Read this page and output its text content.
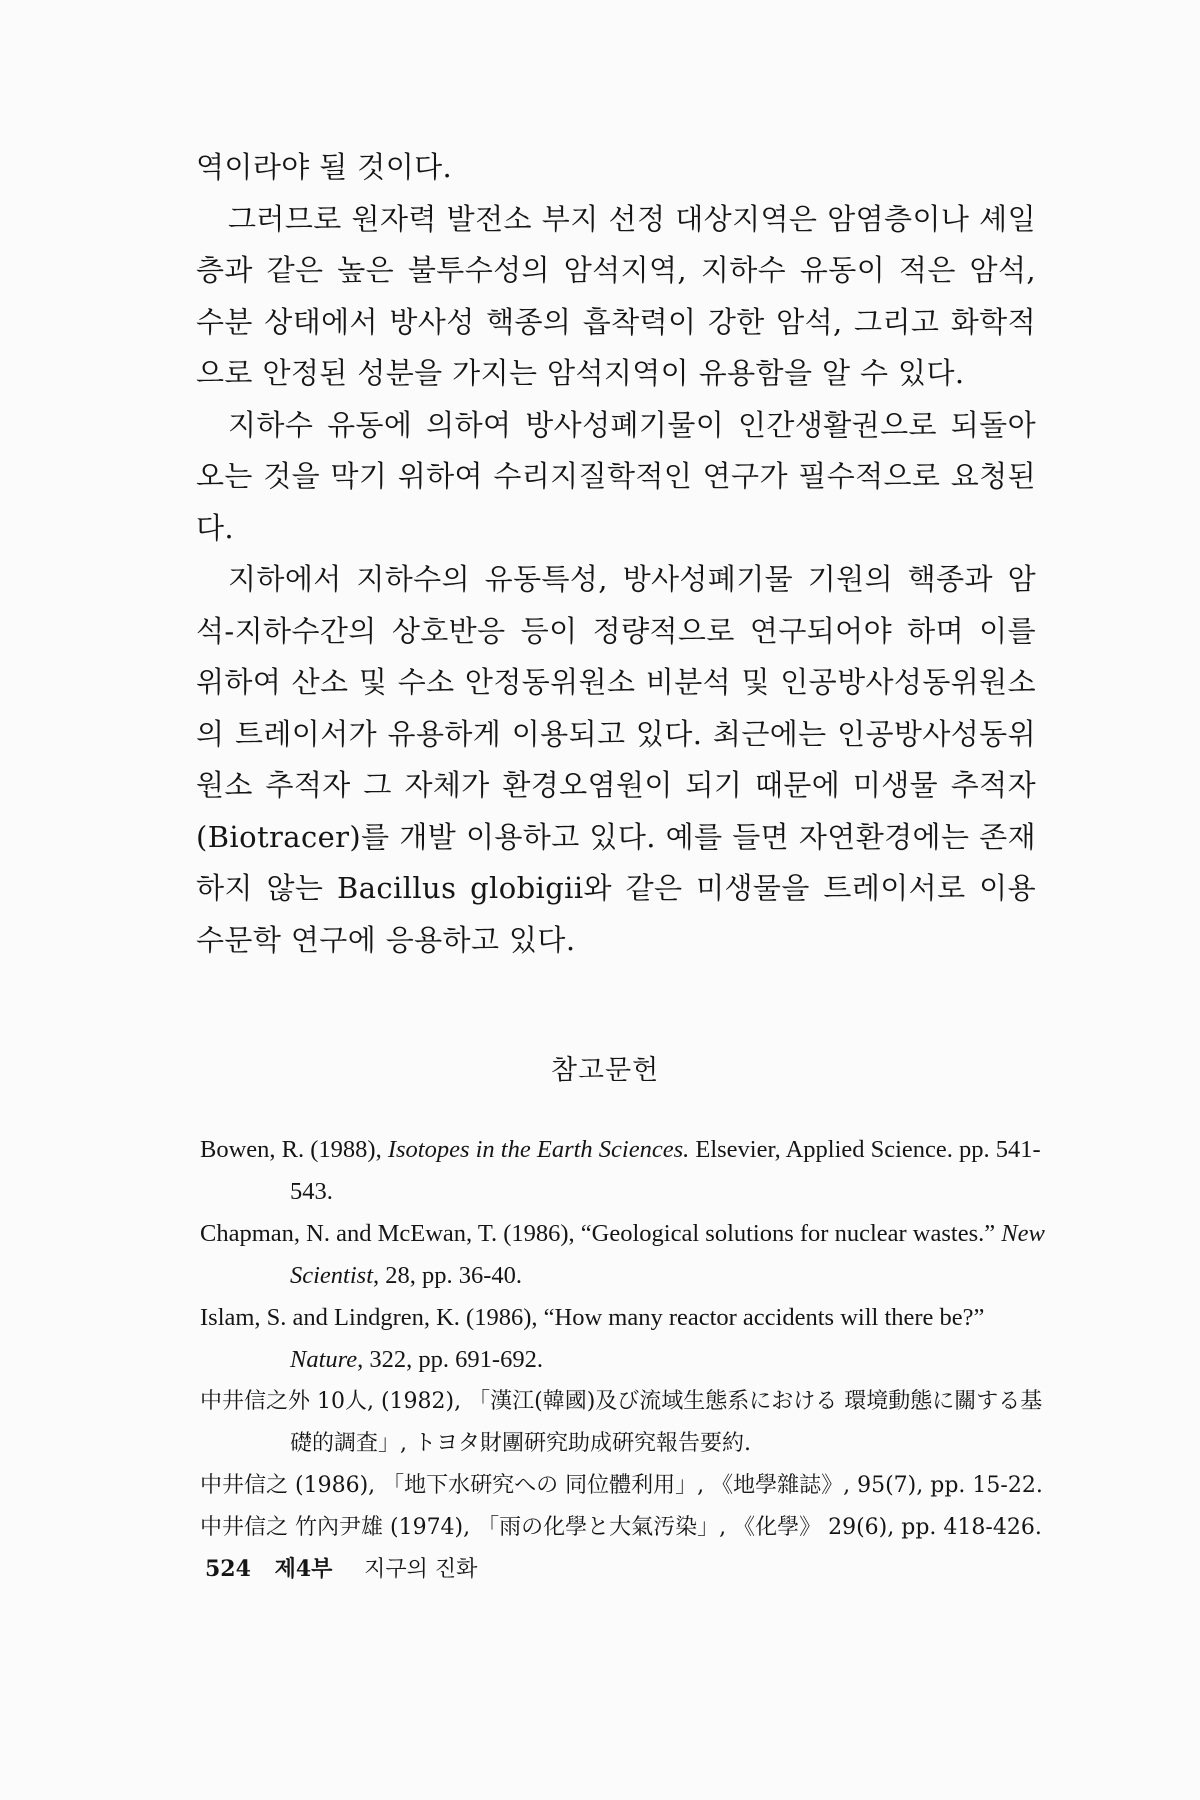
역이라야 될 것이다.

그러므로 원자력 발전소 부지 선정 대상지역은 암염층이나 셰일층과 같은 높은 불투수성의 암석지역, 지하수 유동이 적은 암석, 수분 상태에서 방사성 핵종의 흡착력이 강한 암석, 그리고 화학적으로 안정된 성분을 가지는 암석지역이 유용함을 알 수 있다.

지하수 유동에 의하여 방사성폐기물이 인간생활권으로 되돌아오는 것을 막기 위하여 수리지질학적인 연구가 필수적으로 요청된다.

지하에서 지하수의 유동특성, 방사성폐기물 기원의 핵종과 암석-지하수간의 상호반응 등이 정량적으로 연구되어야 하며 이를 위하여 산소 및 수소 안정동위원소 비분석 및 인공방사성동위원소의 트레이서가 유용하게 이용되고 있다. 최근에는 인공방사성동위원소 추적자 그 자체가 환경오염원이 되기 때문에 미생물 추적자(Biotracer)를 개발 이용하고 있다. 예를 들면 자연환경에는 존재하지 않는 Bacillus globigii와 같은 미생물을 트레이서로 이용 수문학 연구에 응용하고 있다.

참고문헌

Bowen, R. (1988), Isotopes in the Earth Sciences. Elsevier, Applied Science. pp. 541-543.

Chapman, N. and McEwan, T. (1986), “Geological solutions for nuclear wastes.” New Scientist, 28, pp. 36-40.

Islam, S. and Lindgren, K. (1986), “How many reactor accidents will there be?” Nature, 322, pp. 691-692.

中井信之外 10人, (1982), 「漢江(韓國)及び流域生態系における 環境動態に關する基礎的調査」, トヨタ財團硏究助成硏究報告要約.

中井信之 (1986), 「地下水硏究への 同位體利用」, 《地學雜誌》, 95(7), pp. 15-22.

中井信之 竹內尹雄 (1974), 「雨の化學と大氣汚染」, 《化學》 29(6), pp. 418-426.

524 제4부 지구의 진화
